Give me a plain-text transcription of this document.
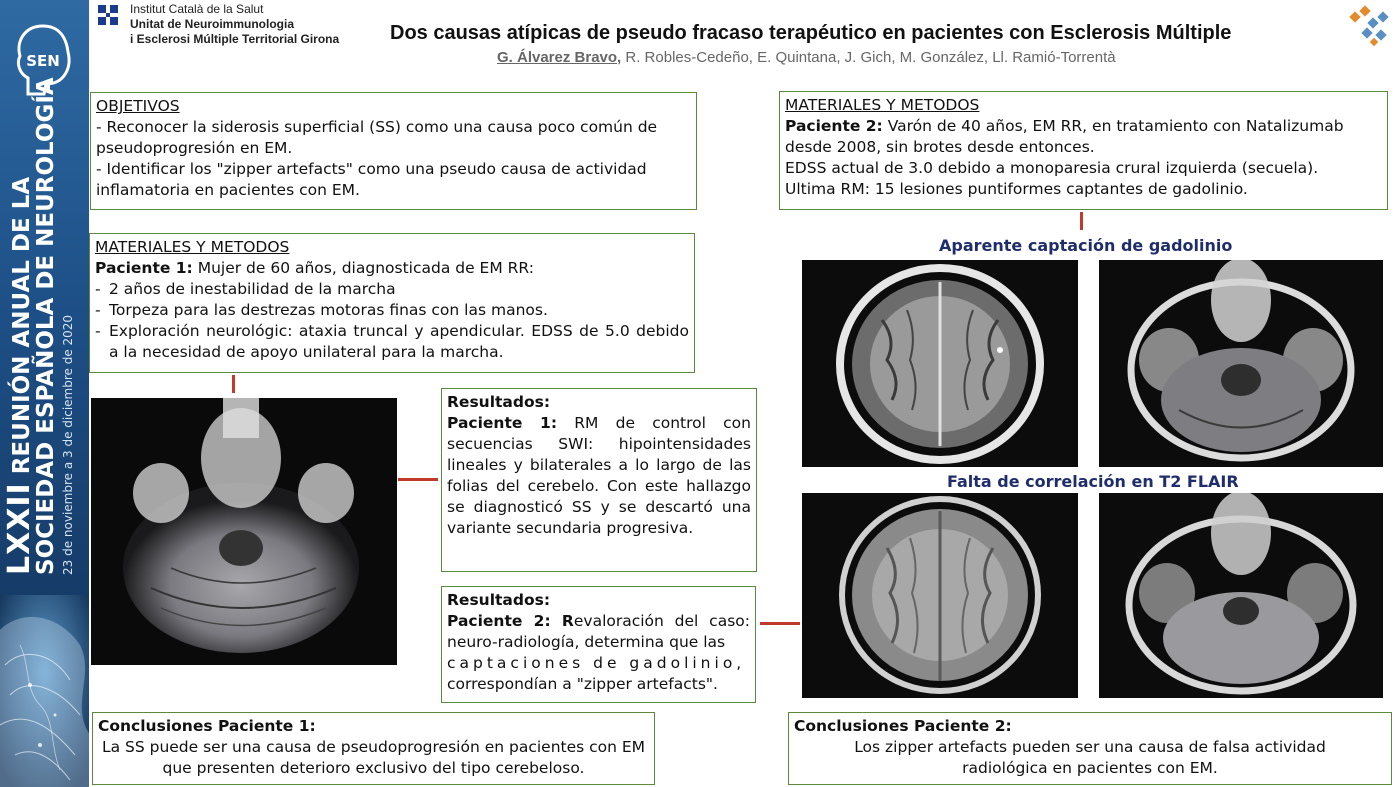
SEN
LXXII REUNIÓN ANUAL DE LA
SOCIEDAD ESPAÑOLA DE NEUROLOGÍA 23 de noviembre a 3 de diciembre de 2020
Institut Català de la Salut
Unitat de Neuroimmunologia
i Esclerosi Múltiple Territorial Girona	Dos causas atípicas de pseudo fracaso terapéutico en pacientes con Esclerosis Múltiple
G. Álvarez Bravo, R. Robles-Cedeño, E. Quintana, J. Gich, M. González, Ll. Ramió-Torrentà
OBJETIVOS
- Reconocer la siderosis superficial (SS) como una causa poco común de pseudoprogresión en EM.
- Identificar los "zipper artefacts" como una pseudo causa de actividad inflamatoria en pacientes con EM.
MATERIALES Y METODOS
Paciente 1: Mujer de 60 años, diagnosticada de EM RR:
- 2 años de inestabilidad de la marcha
- Torpeza para las destrezas motoras finas con las manos.
- Exploración neurológic: ataxia truncal y apendicular. EDSS de 5.0 debido a la necesidad de apoyo unilateral para la marcha.
MATERIALES Y METODOS
Paciente 2: Varón de 40 años, EM RR, en tratamiento con Natalizumab desde 2008, sin brotes desde entonces.
EDSS actual de 3.0 debido a monoparesia crural izquierda (secuela).
Ultima RM: 15 lesiones puntiformes captantes de gadolinio.
Resultados:
Paciente 1: RM de control con secuencias SWI: hipointensidades lineales y bilaterales a lo largo de las folias del cerebelo. Con este hallazgo se diagnosticó SS y se descartó una variante secundaria progresiva.
Resultados:
Paciente 2: Revaloración del caso: neuro-radiología, determina que las
captaciones de gadolinio,
correspondían a "zipper artefacts".
Aparente captación de gadolinio
Falta de correlación en T2 FLAIR
Conclusiones Paciente 1:
La SS puede ser una causa de pseudoprogresión en pacientes con EM que presenten deterioro exclusivo del tipo cerebeloso.
Conclusiones Paciente 2:
Los zipper artefacts pueden ser una causa de falsa actividad radiológica en pacientes con EM.
